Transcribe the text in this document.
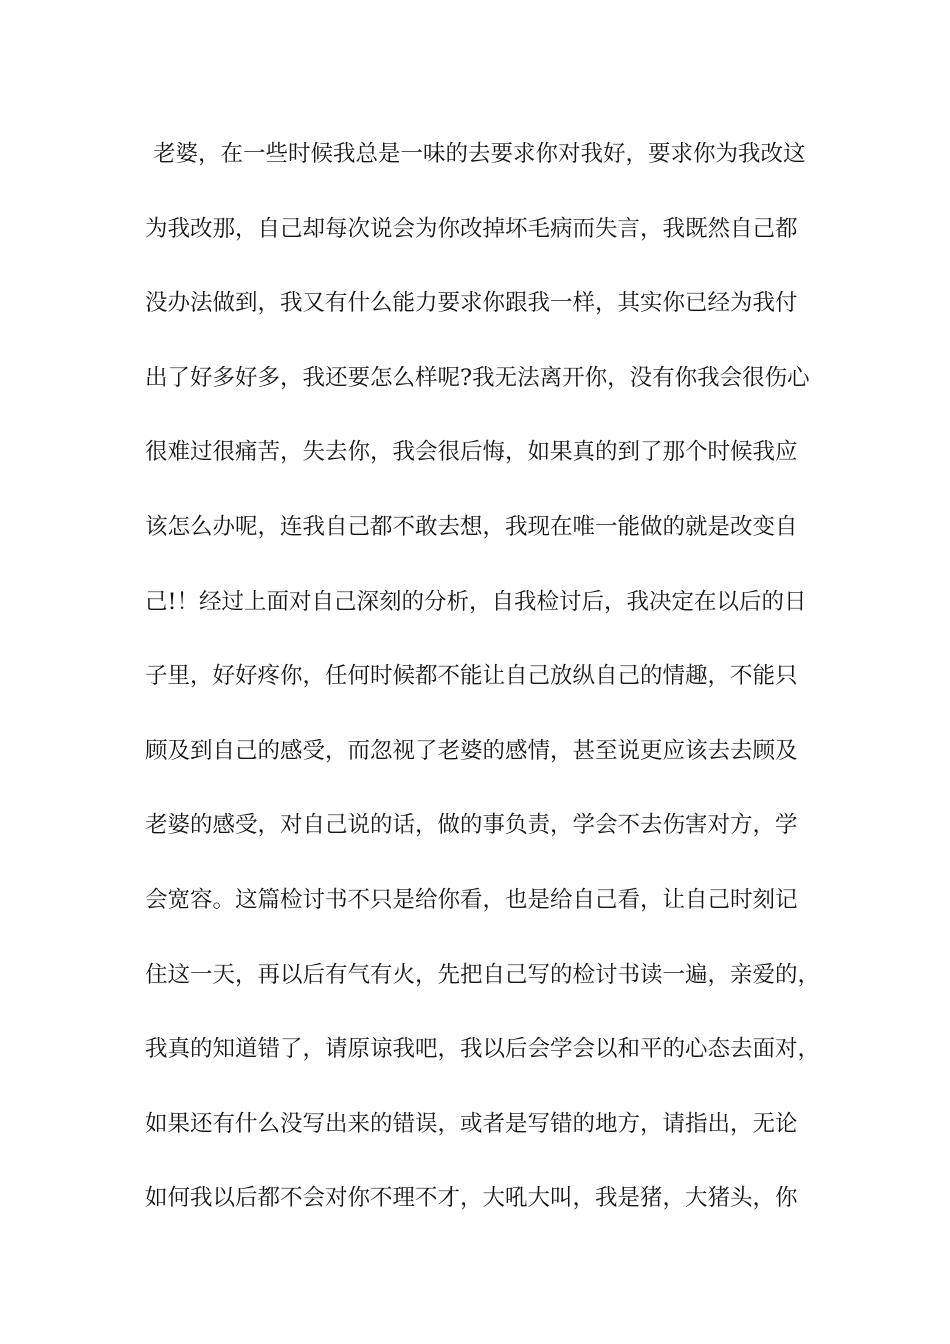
老婆，在一些时候我总是一味的去要求你对我好，要求你为我改这
为我改那，自己却每次说会为你改掉坏毛病而失言，我既然自己都
没办法做到，我又有什么能力要求你跟我一样，其实你已经为我付
出了好多好多，我还要怎么样呢?我无法离开你，没有你我会很伤心
很难过很痛苦，失去你，我会很后悔，如果真的到了那个时候我应
该怎么办呢，连我自己都不敢去想，我现在唯一能做的就是改变自
己!！经过上面对自己深刻的分析，自我检讨后，我决定在以后的日
子里，好好疼你，任何时候都不能让自己放纵自己的情趣，不能只
顾及到自己的感受，而忽视了老婆的感情，甚至说更应该去去顾及
老婆的感受，对自己说的话，做的事负责，学会不去伤害对方，学
会宽容。这篇检讨书不只是给你看，也是给自己看，让自己时刻记
住这一天，再以后有气有火，先把自己写的检讨书读一遍，亲爱的，
我真的知道错了，请原谅我吧，我以后会学会以和平的心态去面对，
如果还有什么没写出来的错误，或者是写错的地方，请指出，无论
如何我以后都不会对你不理不才，大吼大叫，我是猪，大猪头，你
